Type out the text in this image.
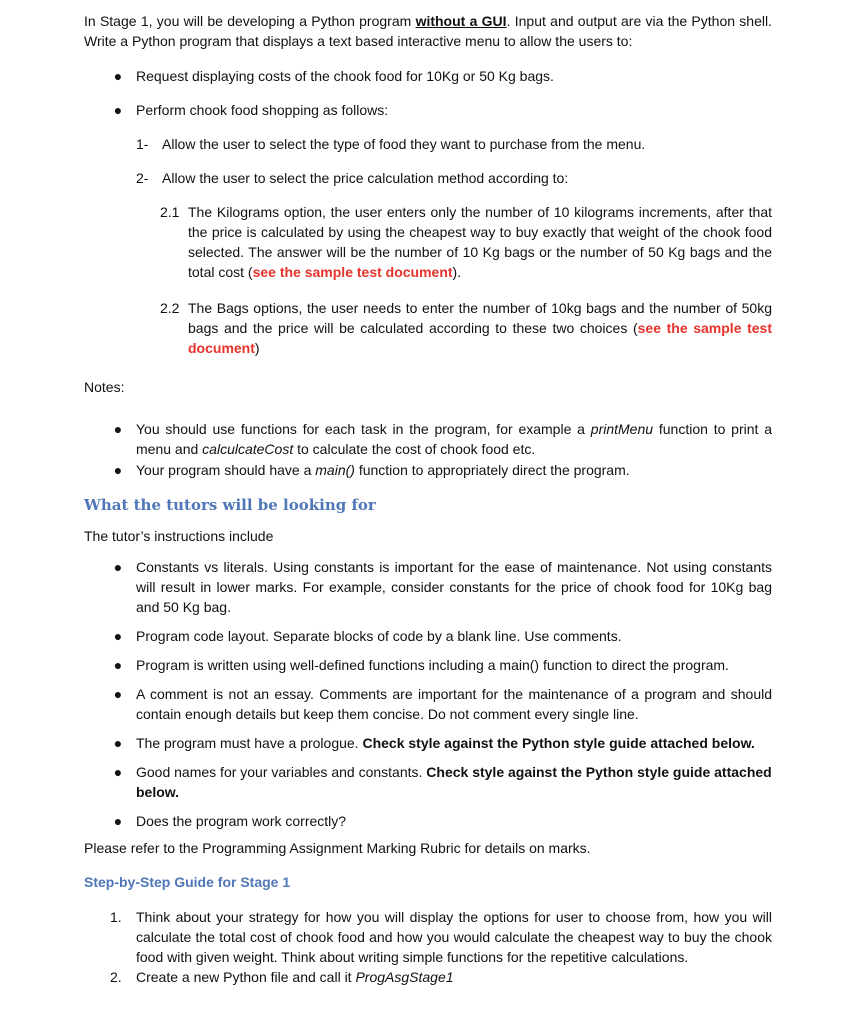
In Stage 1, you will be developing a Python program without a GUI. Input and output are via the Python shell. Write a Python program that displays a text based interactive menu to allow the users to:

● Request displaying costs of the chook food for 10Kg or 50 Kg bags.

● Perform chook food shopping as follows:

1- Allow the user to select the type of food they want to purchase from the menu.

2- Allow the user to select the price calculation method according to:

2.1 The Kilograms option, the user enters only the number of 10 kilograms increments, after that the price is calculated by using the cheapest way to buy exactly that weight of the chook food selected. The answer will be the number of 10 Kg bags or the number of 50 Kg bags and the total cost (see the sample test document).

2.2 The Bags options, the user needs to enter the number of 10kg bags and the number of 50kg bags and the price will be calculated according to these two choices (see the sample test document)

Notes:

● You should use functions for each task in the program, for example a printMenu function to print a menu and calculcateCost to calculate the cost of chook food etc.

● Your program should have a main() function to appropriately direct the program.

What the tutors will be looking for

The tutor’s instructions include

● Constants vs literals. Using constants is important for the ease of maintenance. Not using constants will result in lower marks. For example, consider constants for the price of chook food for 10Kg bag and 50 Kg bag.

● Program code layout. Separate blocks of code by a blank line. Use comments.

● Program is written using well-defined functions including a main() function to direct the program.

● A comment is not an essay. Comments are important for the maintenance of a program and should contain enough details but keep them concise. Do not comment every single line.

● The program must have a prologue. Check style against the Python style guide attached below.

● Good names for your variables and constants. Check style against the Python style guide attached below.

● Does the program work correctly?

Please refer to the Programming Assignment Marking Rubric for details on marks.

Step-by-Step Guide for Stage 1

1. Think about your strategy for how you will display the options for user to choose from, how you will calculate the total cost of chook food and how you would calculate the cheapest way to buy the chook food with given weight. Think about writing simple functions for the repetitive calculations.

2. Create a new Python file and call it ProgAsgStage1
